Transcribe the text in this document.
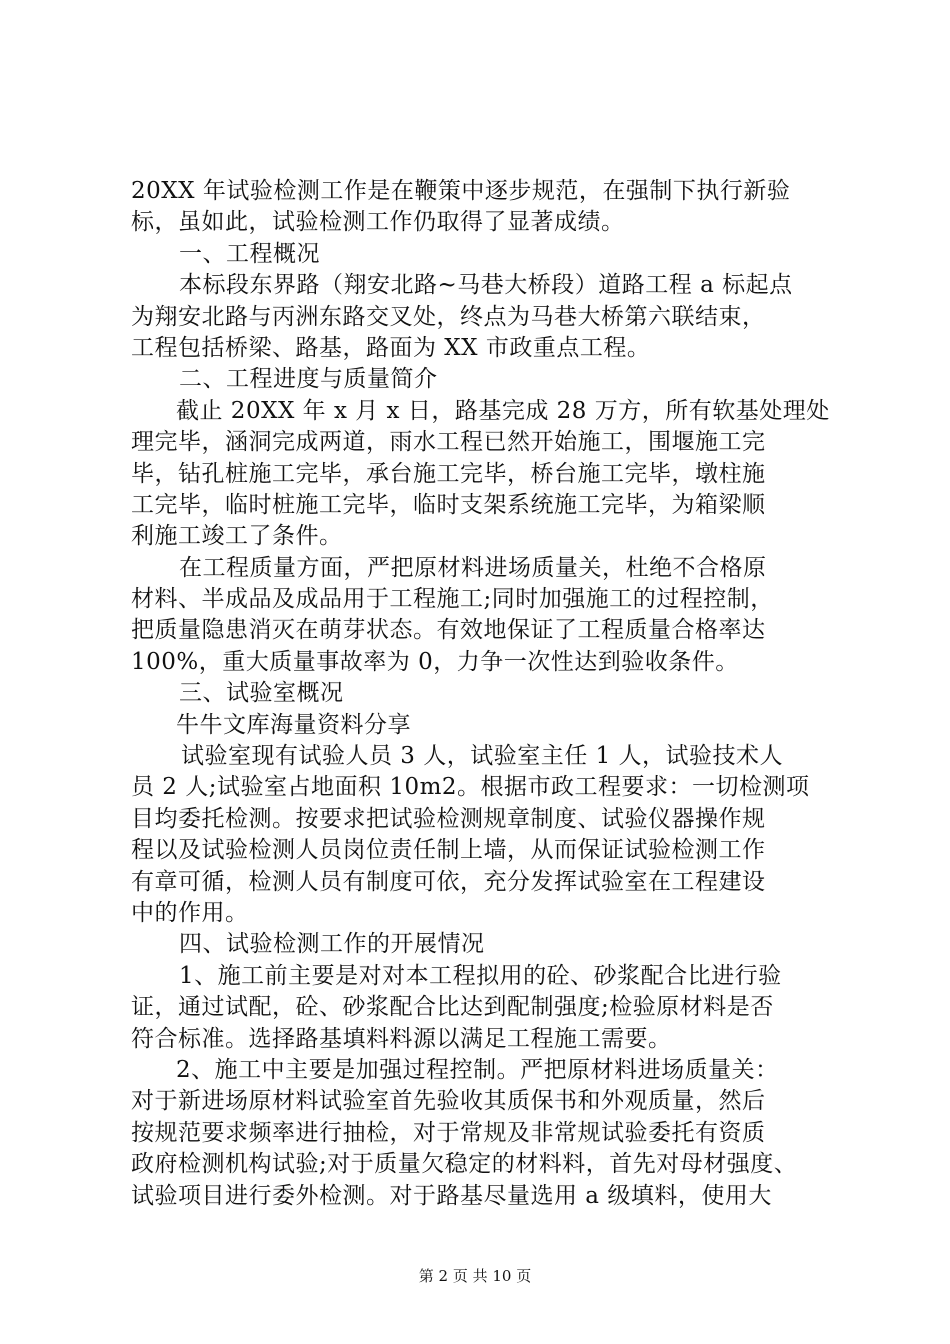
20XX 年试验检测工作是在鞭策中逐步规范，在强制下执行新验
标，虽如此，试验检测工作仍取得了显著成绩。
一、工程概况
本标段东界路（翔安北路~马巷大桥段）道路工程 a 标起点
为翔安北路与丙洲东路交叉处，终点为马巷大桥第六联结束，
工程包括桥梁、路基，路面为 XX 市政重点工程。
二、工程进度与质量简介
截止 20XX 年 x 月 x 日，路基完成 28 万方，所有软基处理处
理完毕，涵洞完成两道，雨水工程已然开始施工，围堰施工完
毕，钻孔桩施工完毕，承台施工完毕，桥台施工完毕，墩柱施
工完毕，临时桩施工完毕，临时支架系统施工完毕，为箱梁顺
利施工竣工了条件。
在工程质量方面，严把原材料进场质量关，杜绝不合格原
材料、半成品及成品用于工程施工;同时加强施工的过程控制，
把质量隐患消灭在萌芽状态。有效地保证了工程质量合格率达
100%，重大质量事故率为 0，力争一次性达到验收条件。
三、试验室概况
牛牛文库海量资料分享
试验室现有试验人员 3 人，试验室主任 1 人，试验技术人
员 2 人;试验室占地面积 10m2。根据市政工程要求：一切检测项
目均委托检测。按要求把试验检测规章制度、试验仪器操作规
程以及试验检测人员岗位责任制上墙，从而保证试验检测工作
有章可循，检测人员有制度可依，充分发挥试验室在工程建设
中的作用。
四、试验检测工作的开展情况
1、施工前主要是对对本工程拟用的砼、砂浆配合比进行验
证，通过试配，砼、砂浆配合比达到配制强度;检验原材料是否
符合标准。选择路基填料料源以满足工程施工需要。
2、施工中主要是加强过程控制。严把原材料进场质量关：
对于新进场原材料试验室首先验收其质保书和外观质量，然后
按规范要求频率进行抽检，对于常规及非常规试验委托有资质
政府检测机构试验;对于质量欠稳定的材料料，首先对母材强度、
试验项目进行委外检测。对于路基尽量选用 a 级填料，使用大
第 2 页 共 10 页
